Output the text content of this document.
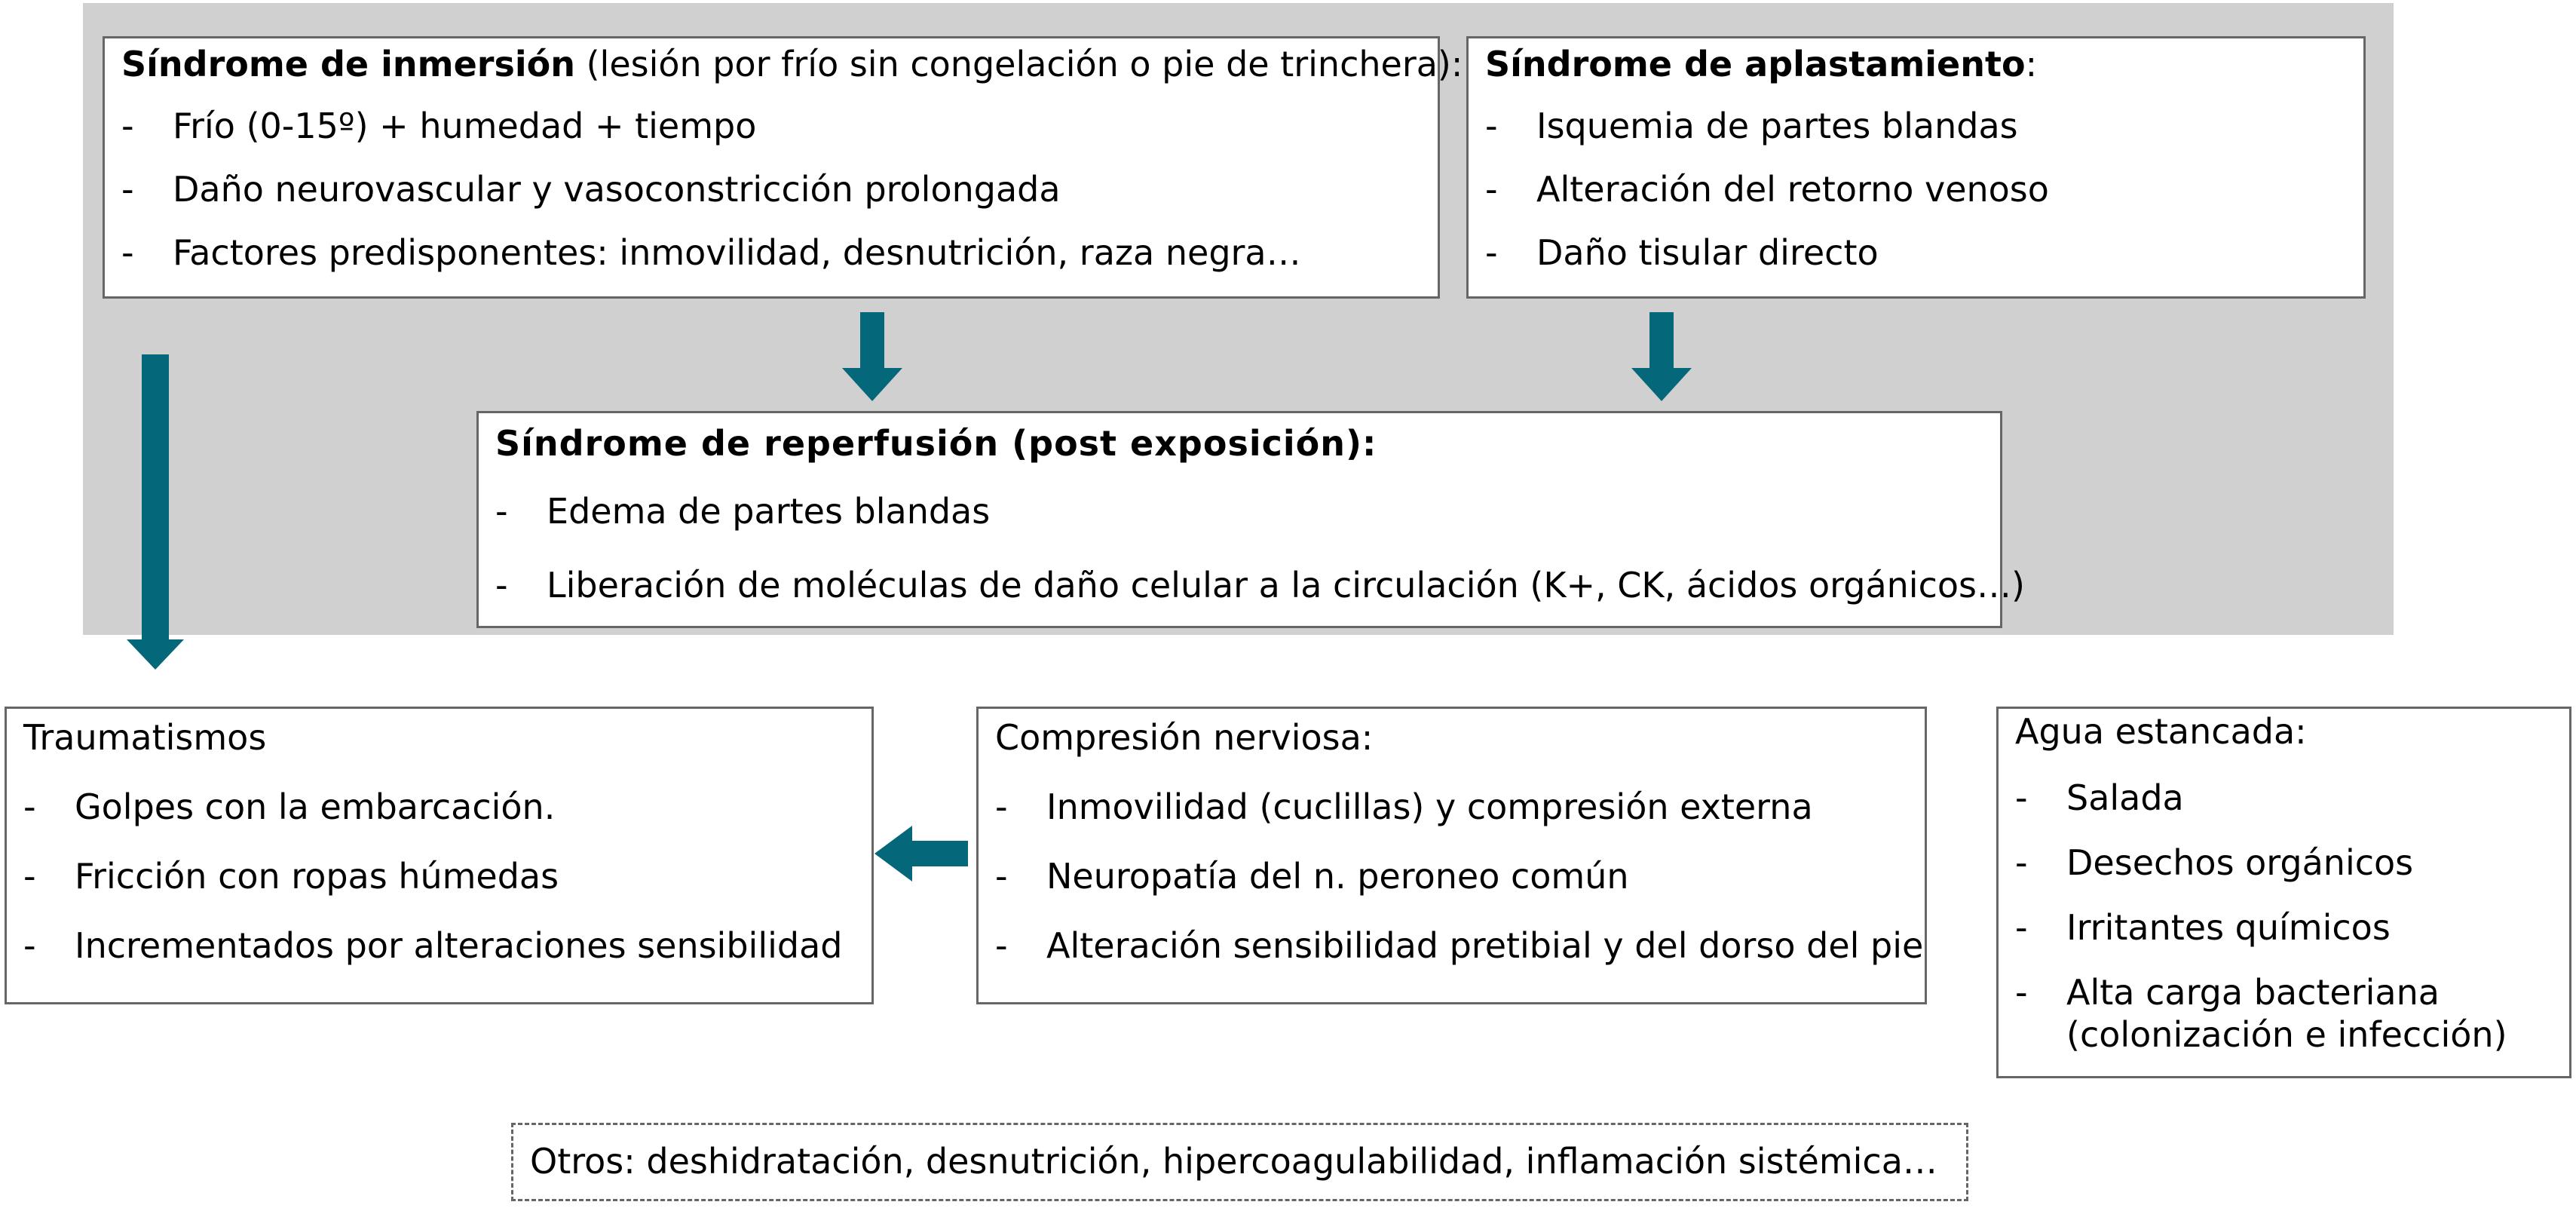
Síndrome de inmersión (lesión por frío sin congelación o pie de trinchera):
- Frío (0-15º) + humedad + tiempo
- Daño neurovascular y vasoconstricción prolongada
- Factores predisponentes: inmovilidad, desnutrición, raza negra…
Síndrome de aplastamiento:
- Isquemia de partes blandas
- Alteración del retorno venoso
- Daño tisular directo
Síndrome de reperfusión (post exposición):
- Edema de partes blandas
- Liberación de moléculas de daño celular a la circulación (K+, CK, ácidos orgánicos…)
Traumatismos
- Golpes con la embarcación.
- Fricción con ropas húmedas
- Incrementados por alteraciones sensibilidad
Compresión nerviosa:
- Inmovilidad (cuclillas) y compresión externa
- Neuropatía del n. peroneo común
- Alteración sensibilidad pretibial y del dorso del pie
Agua estancada:
- Salada
- Desechos orgánicos
- Irritantes químicos
- Alta carga bacteriana
(colonización e infección)
Otros: deshidratación, desnutrición, hipercoagulabilidad, inflamación sistémica…
